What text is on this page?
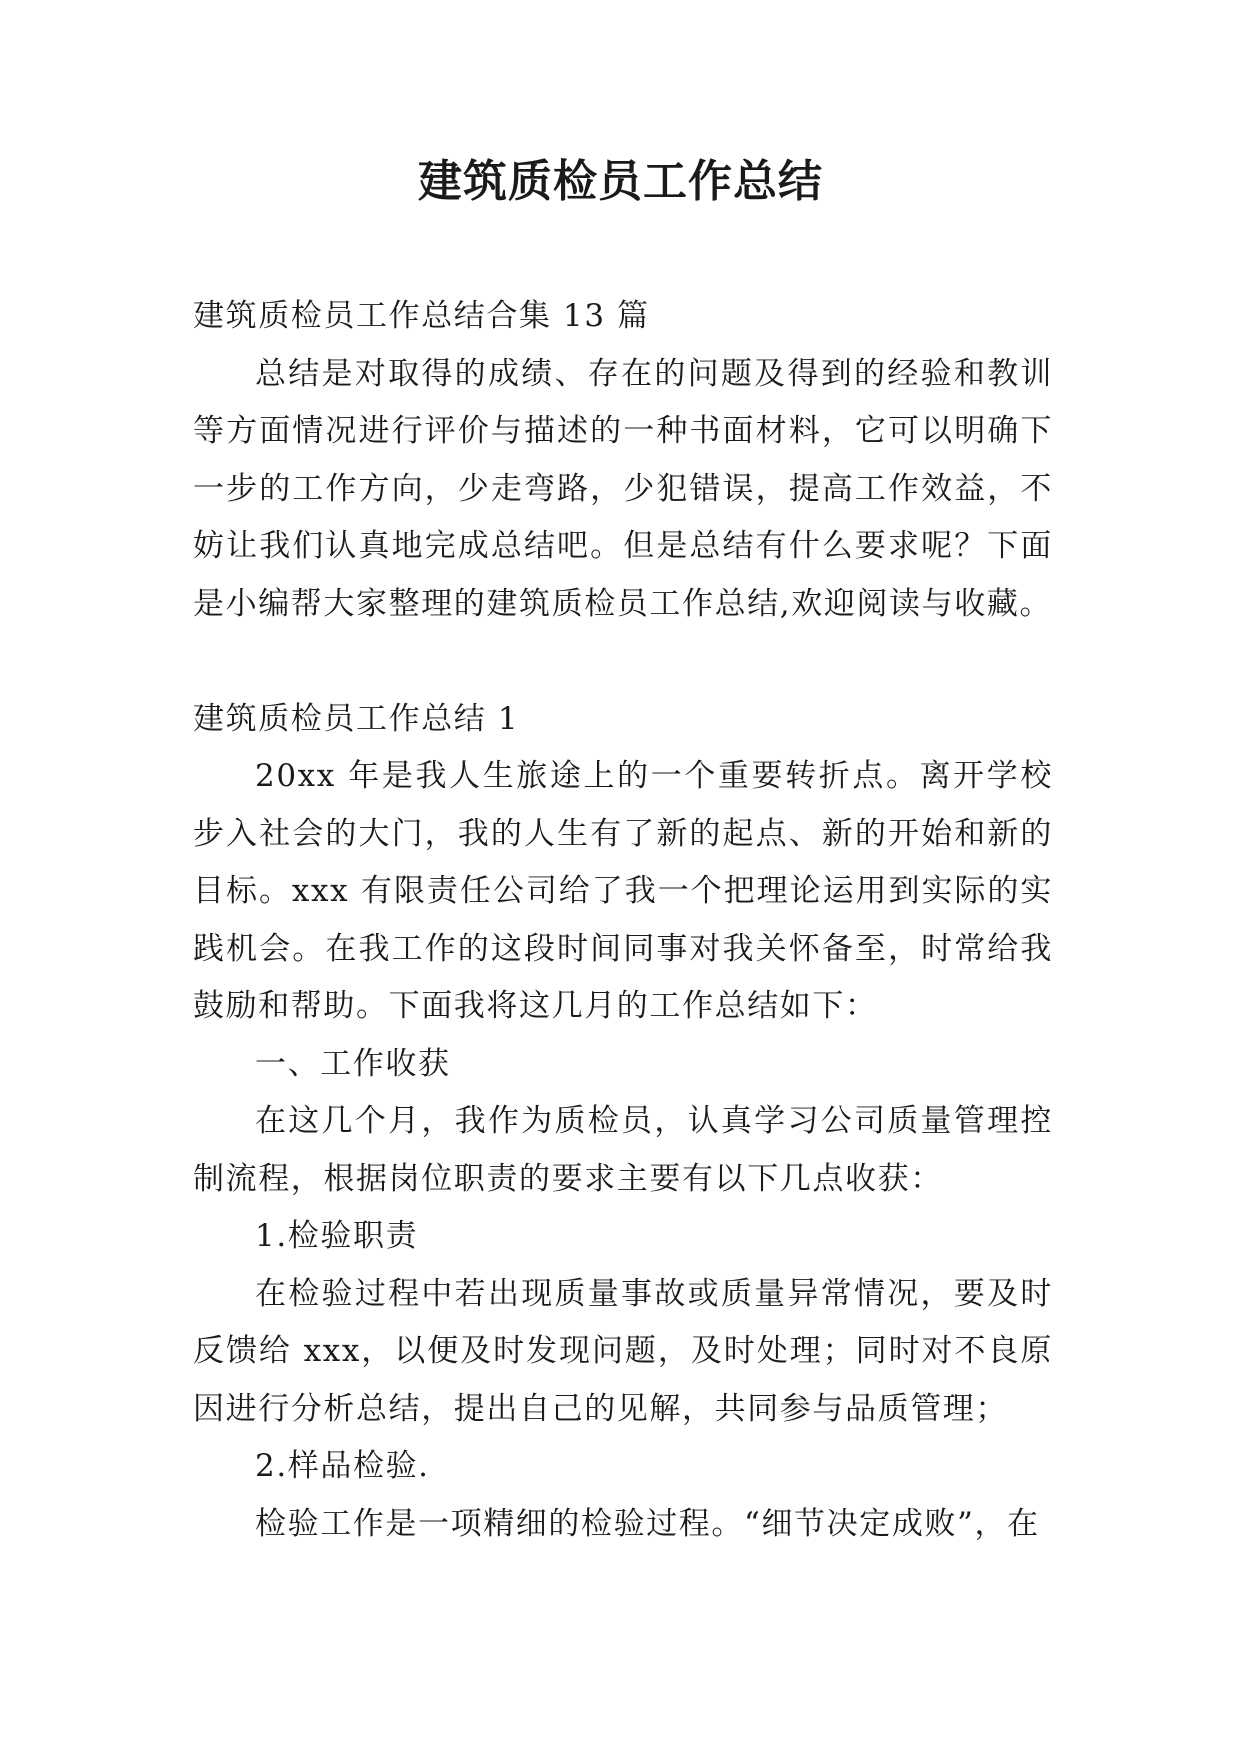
建筑质检员工作总结

建筑质检员工作总结合集 13 篇

总结是对取得的成绩、存在的问题及得到的经验和教训等方面情况进行评价与描述的一种书面材料，它可以明确下一步的工作方向，少走弯路，少犯错误，提高工作效益，不妨让我们认真地完成总结吧。但是总结有什么要求呢？下面是小编帮大家整理的建筑质检员工作总结,欢迎阅读与收藏。

建筑质检员工作总结 1

20xx 年是我人生旅途上的一个重要转折点。离开学校步入社会的大门，我的人生有了新的起点、新的开始和新的目标。xxx 有限责任公司给了我一个把理论运用到实际的实践机会。在我工作的这段时间同事对我关怀备至，时常给我鼓励和帮助。下面我将这几月的工作总结如下：

一、工作收获

在这几个月，我作为质检员，认真学习公司质量管理控制流程，根据岗位职责的要求主要有以下几点收获：

1.检验职责

在检验过程中若出现质量事故或质量异常情况，要及时反馈给 xxx，以便及时发现问题，及时处理；同时对不良原因进行分析总结，提出自己的见解，共同参与品质管理；

2.样品检验.

检验工作是一项精细的检验过程。“细节决定成败”，在
